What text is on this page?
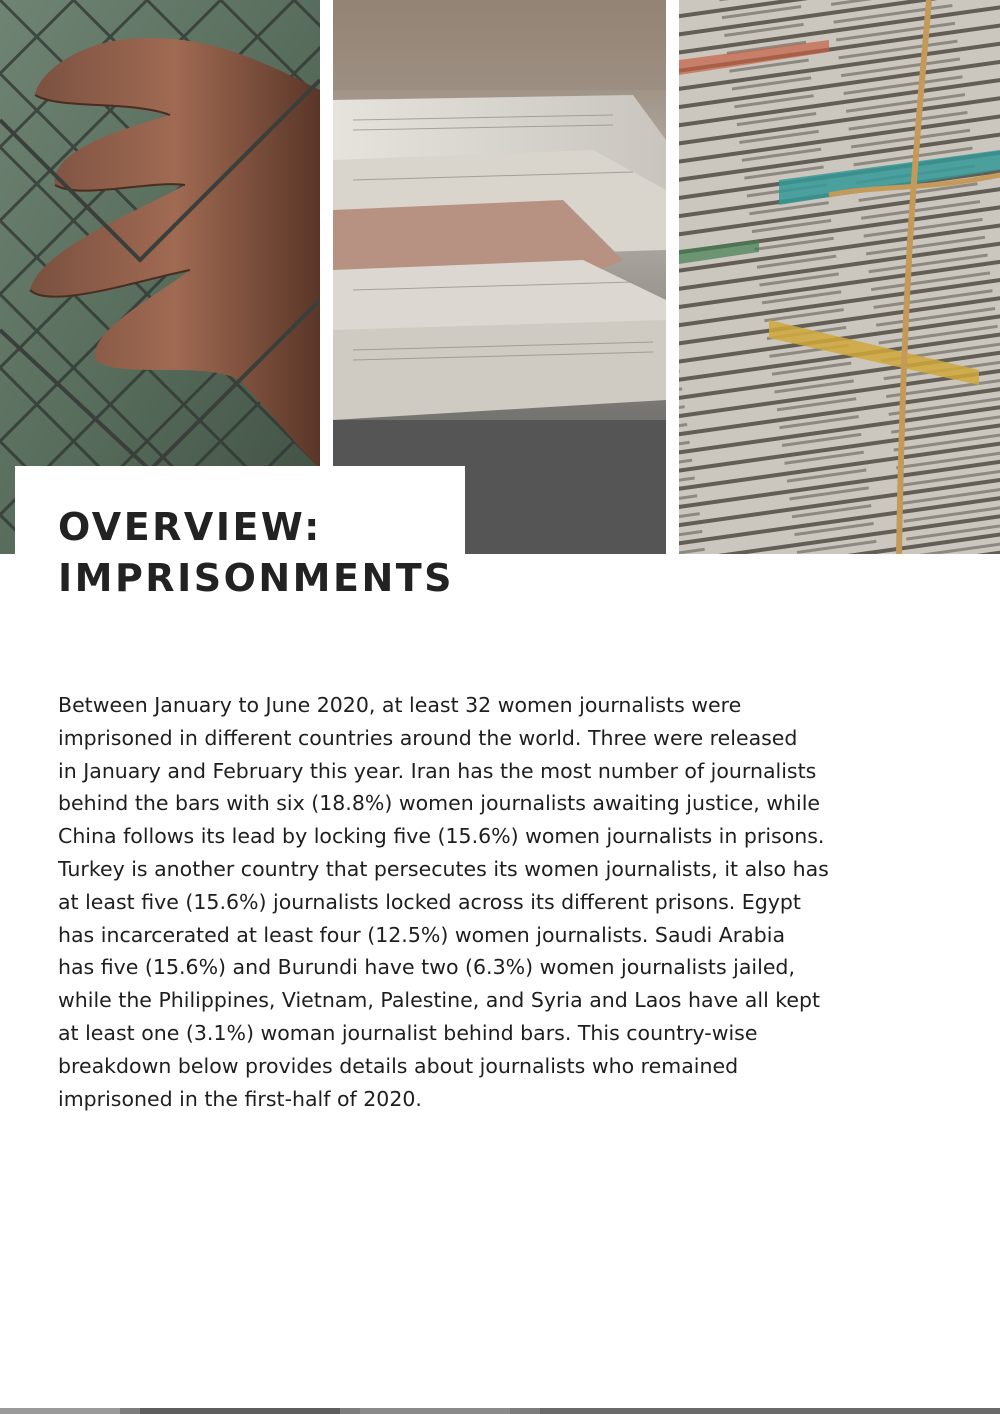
OVERVIEW:
IMPRISONMENTS

Between January to June 2020, at least 32 women journalists were
imprisoned in different countries around the world. Three were released
in January and February this year. Iran has the most number of journalists
behind the bars with six (18.8%) women journalists awaiting justice, while
China follows its lead by locking five (15.6%) women journalists in prisons.
Turkey is another country that persecutes its women journalists, it also has
at least five (15.6%) journalists locked across its different prisons. Egypt
has incarcerated at least four (12.5%) women journalists. Saudi Arabia
has five (15.6%) and Burundi have two (6.3%) women journalists jailed,
while the Philippines, Vietnam, Palestine, and Syria and Laos have all kept
at least one (3.1%) woman journalist behind bars. This country-wise
breakdown below provides details about journalists who remained
imprisoned in the first-half of 2020.
